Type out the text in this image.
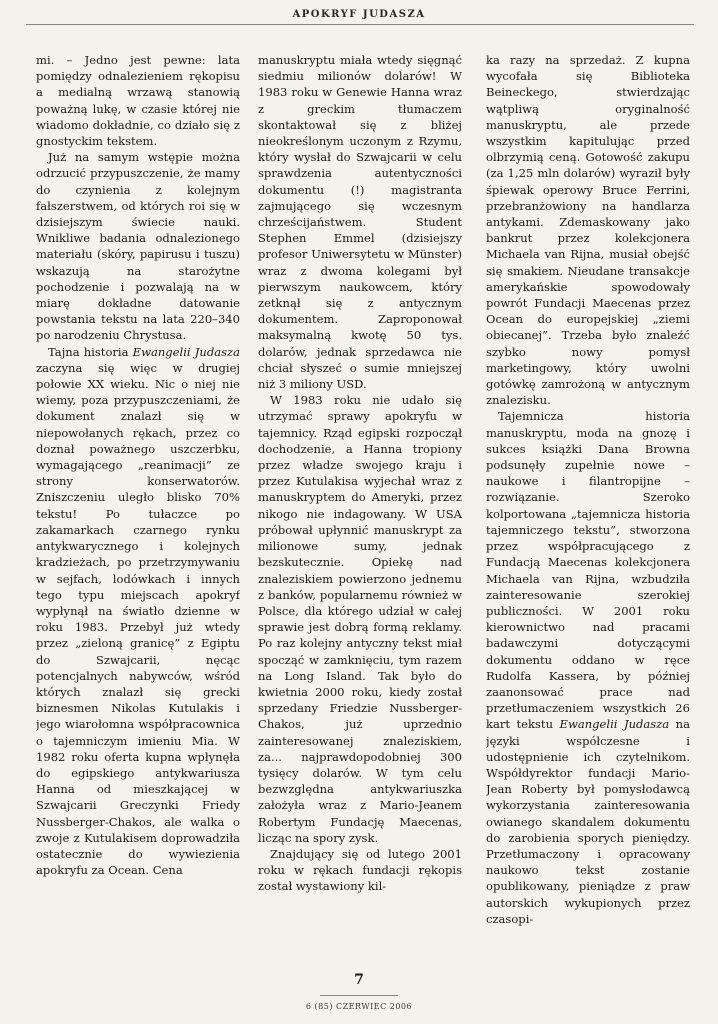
APOKRYF JUDASZA

mi. – Jedno jest pewne: lata pomiędzy odnalezieniem rękopisu a medialną wrzawą stanowią poważną lukę, w czasie której nie wiadomo dokładnie, co działo się z gnostyckim tekstem.

Już na samym wstępie można odrzucić przypuszczenie, że mamy do czynienia z kolejnym fałszerstwem, od których roi się w dzisiejszym świecie nauki. Wnikliwe badania odnalezionego materiału (skóry, papirusu i tuszu) wskazują na starożytne pochodzenie i pozwalają na w miarę dokładne datowanie powstania tekstu na lata 220–340 po narodzeniu Chrystusa.

Tajna historia Ewangelii Judasza zaczyna się więc w drugiej połowie XX wieku. Nic o niej nie wiemy, poza przypuszczeniami, że dokument znalazł się w niepowołanych rękach, przez co doznał poważnego uszczerbku, wymagającego „reanimacji” ze strony konserwatorów. Zniszczeniu uległo blisko 70% tekstu! Po tułaczce po zakamarkach czarnego rynku antykwarycznego i kolejnych kradzieżach, po przetrzymywaniu w sejfach, lodówkach i innych tego typu miejscach apokryf wypłynął na światło dzienne w roku 1983. Przebył już wtedy przez „zieloną granicę” z Egiptu do Szwajcarii, nęcąc potencjalnych nabywców, wśród których znalazł się grecki biznesmen Nikolas Kutulakis i jego wiarołomna współpracownica o tajemniczym imieniu Mia. W 1982 roku oferta kupna wpłynęła do egipskiego antykwariusza Hanna od mieszkającej w Szwajcarii Greczynki Friedy Nussberger-Chakos, ale walka o zwoje z Kutulakisem doprowadziła ostatecznie do wywiezienia apokryfu za Ocean. Cena

manuskryptu miała wtedy sięgnąć siedmiu milionów dolarów! W 1983 roku w Genewie Hanna wraz z greckim tłumaczem skontaktował się z bliżej nieokreślonym uczonym z Rzymu, który wysłał do Szwajcarii w celu sprawdzenia autentyczności dokumentu (!) magistranta zajmującego się wczesnym chrześcijaństwem. Student Stephen Emmel (dzisiejszy profesor Uniwersytetu w Münster) wraz z dwoma kolegami był pierwszym naukowcem, który zetknął się z antycznym dokumentem. Zaproponował maksymalną kwotę 50 tys. dolarów, jednak sprzedawca nie chciał słyszeć o sumie mniejszej niż 3 miliony USD.

W 1983 roku nie udało się utrzymać sprawy apokryfu w tajemnicy. Rząd egipski rozpoczął dochodzenie, a Hanna tropiony przez władze swojego kraju i przez Kutulakisa wyjechał wraz z manuskryptem do Ameryki, przez nikogo nie indagowany. W USA próbował upłynnić manuskrypt za milionowe sumy, jednak bezskutecznie. Opiekę nad znaleziskiem powierzono jednemu z banków, popularnemu również w Polsce, dla którego udział w całej sprawie jest dobrą formą reklamy. Po raz kolejny antyczny tekst miał spocząć w zamknięciu, tym razem na Long Island. Tak było do kwietnia 2000 roku, kiedy został sprzedany Friedzie Nussberger-Chakos, już uprzednio zainteresowanej znaleziskiem, za... najprawdopodobniej 300 tysięcy dolarów. W tym celu bezwzględna antykwariuszka założyła wraz z Mario-Jeanem Robertym Fundację Maecenas, licząc na spory zysk.

Znajdujący się od lutego 2001 roku w rękach fundacji rękopis został wystawiony kil-

ka razy na sprzedaż. Z kupna wycofała się Biblioteka Beineckego, stwierdzając wątpliwą oryginalność manuskryptu, ale przede wszystkim kapitulując przed olbrzymią ceną. Gotowość zakupu (za 1,25 mln dolarów) wyraził były śpiewak operowy Bruce Ferrini, przebranżowiony na handlarza antykami. Zdemaskowany jako bankrut przez kolekcjonera Michaela van Rijna, musiał obejść się smakiem. Nieudane transakcje amerykańskie spowodowały powrót Fundacji Maecenas przez Ocean do europejskiej „ziemi obiecanej”. Trzeba było znaleźć szybko nowy pomysł marketingowy, który uwolni gotówkę zamrożoną w antycznym znalezisku.

Tajemnicza historia manuskryptu, moda na gnozę i sukces książki Dana Browna podsunęły zupełnie nowe – naukowe i filantropijne – rozwiązanie. Szeroko kolportowana „tajemnicza historia tajemniczego tekstu”, stworzona przez współpracującego z Fundacją Maecenas kolekcjonera Michaela van Rijna, wzbudziła zainteresowanie szerokiej publiczności. W 2001 roku kierownictwo nad pracami badawczymi dotyczącymi dokumentu oddano w ręce Rudolfa Kassera, by później zaanonsować prace nad przetłumaczeniem wszystkich 26 kart tekstu Ewangelii Judasza na języki współczesne i udostępnienie ich czytelnikom. Współdyrektor fundacji Mario-Jean Roberty był pomysłodawcą wykorzystania zainteresowania owianego skandalem dokumentu do zarobienia sporych pieniędzy. Przetłumaczony i opracowany naukowo tekst zostanie opublikowany, pieniądze z praw autorskich wykupionych przez czasopi-

7
6 (85) CZERWIEC 2006
